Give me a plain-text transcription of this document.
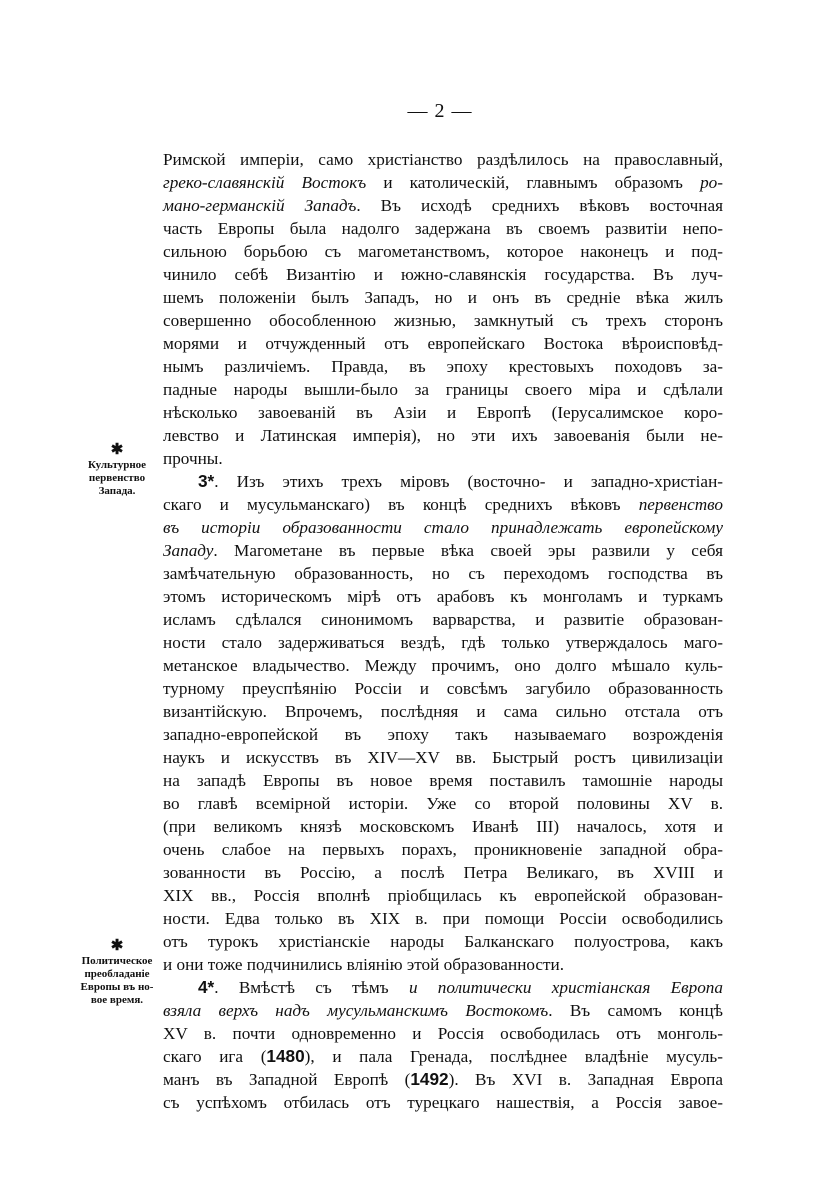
— 2 —
✱
Культурное
первенство
Запада.
✱
Политическое
преобладаніе
Европы въ но-
вое время.
Римской имперіи, само христіанство раздѣлилось на православный,
греко-славянскій Востокъ и католическій, главнымъ образомъ ро-
мано-германскій Западъ. Въ исходѣ среднихъ вѣковъ восточная
часть Европы была надолго задержана въ своемъ развитіи непо-
сильною борьбою съ магометанствомъ, которое наконецъ и под-
чинило себѣ Византію и южно-славянскія государства. Въ луч-
шемъ положеніи былъ Западъ, но и онъ въ средніе вѣка жилъ
совершенно обособленною жизнью, замкнутый съ трехъ сторонъ
морями и отчужденный отъ европейскаго Востока вѣроисповѣд-
нымъ различіемъ. Правда, въ эпоху крестовыхъ походовъ за-
падные народы вышли-было за границы своего міра и сдѣлали
нѣсколько завоеваній въ Азіи и Европѣ (Іерусалимское коро-
левство и Латинская имперія), но эти ихъ завоеванія были не-
прочны.
3*. Изъ этихъ трехъ міровъ (восточно- и западно-христіан-
скаго и мусульманскаго) въ концѣ среднихъ вѣковъ первенство
въ исторіи образованности стало принадлежать европейскому
Западу. Магометане въ первые вѣка своей эры развили у себя
замѣчательную образованность, но съ переходомъ господства въ
этомъ историческомъ мірѣ отъ арабовъ къ монголамъ и туркамъ
исламъ сдѣлался синонимомъ варварства, и развитіе образован-
ности стало задерживаться вездѣ, гдѣ только утверждалось маго-
метанское владычество. Между прочимъ, оно долго мѣшало куль-
турному преуспѣянію Россіи и совсѣмъ загубило образованность
византійскую. Впрочемъ, послѣдняя и сама сильно отстала отъ
западно-европейской въ эпоху такъ называемаго возрожденія
наукъ и искусствъ въ XIV—XV вв. Быстрый ростъ цивилизаціи
на западѣ Европы въ новое время поставилъ тамошніе народы
во главѣ всемірной исторіи. Уже со второй половины XV в.
(при великомъ князѣ московскомъ Иванѣ III) началось, хотя и
очень слабое на первыхъ порахъ, проникновеніе западной обра-
зованности въ Россію, а послѣ Петра Великаго, въ XVIII и
XIX вв., Россія вполнѣ пріобщилась къ европейской образован-
ности. Едва только въ XIX в. при помощи Россіи освободились
отъ турокъ христіанскіе народы Балканскаго полуострова, какъ
и они тоже подчинились вліянію этой образованности.
4*. Вмѣстѣ съ тѣмъ и политически христіанская Европа
взяла верхъ надъ мусульманскимъ Востокомъ. Въ самомъ концѣ
XV в. почти одновременно и Россія освободилась отъ монголь-
скаго ига (1480), и пала Гренада, послѣднее владѣніе мусуль-
манъ въ Западной Европѣ (1492). Въ XVI в. Западная Европа
съ успѣхомъ отбилась отъ турецкаго нашествія, а Россія завое-
